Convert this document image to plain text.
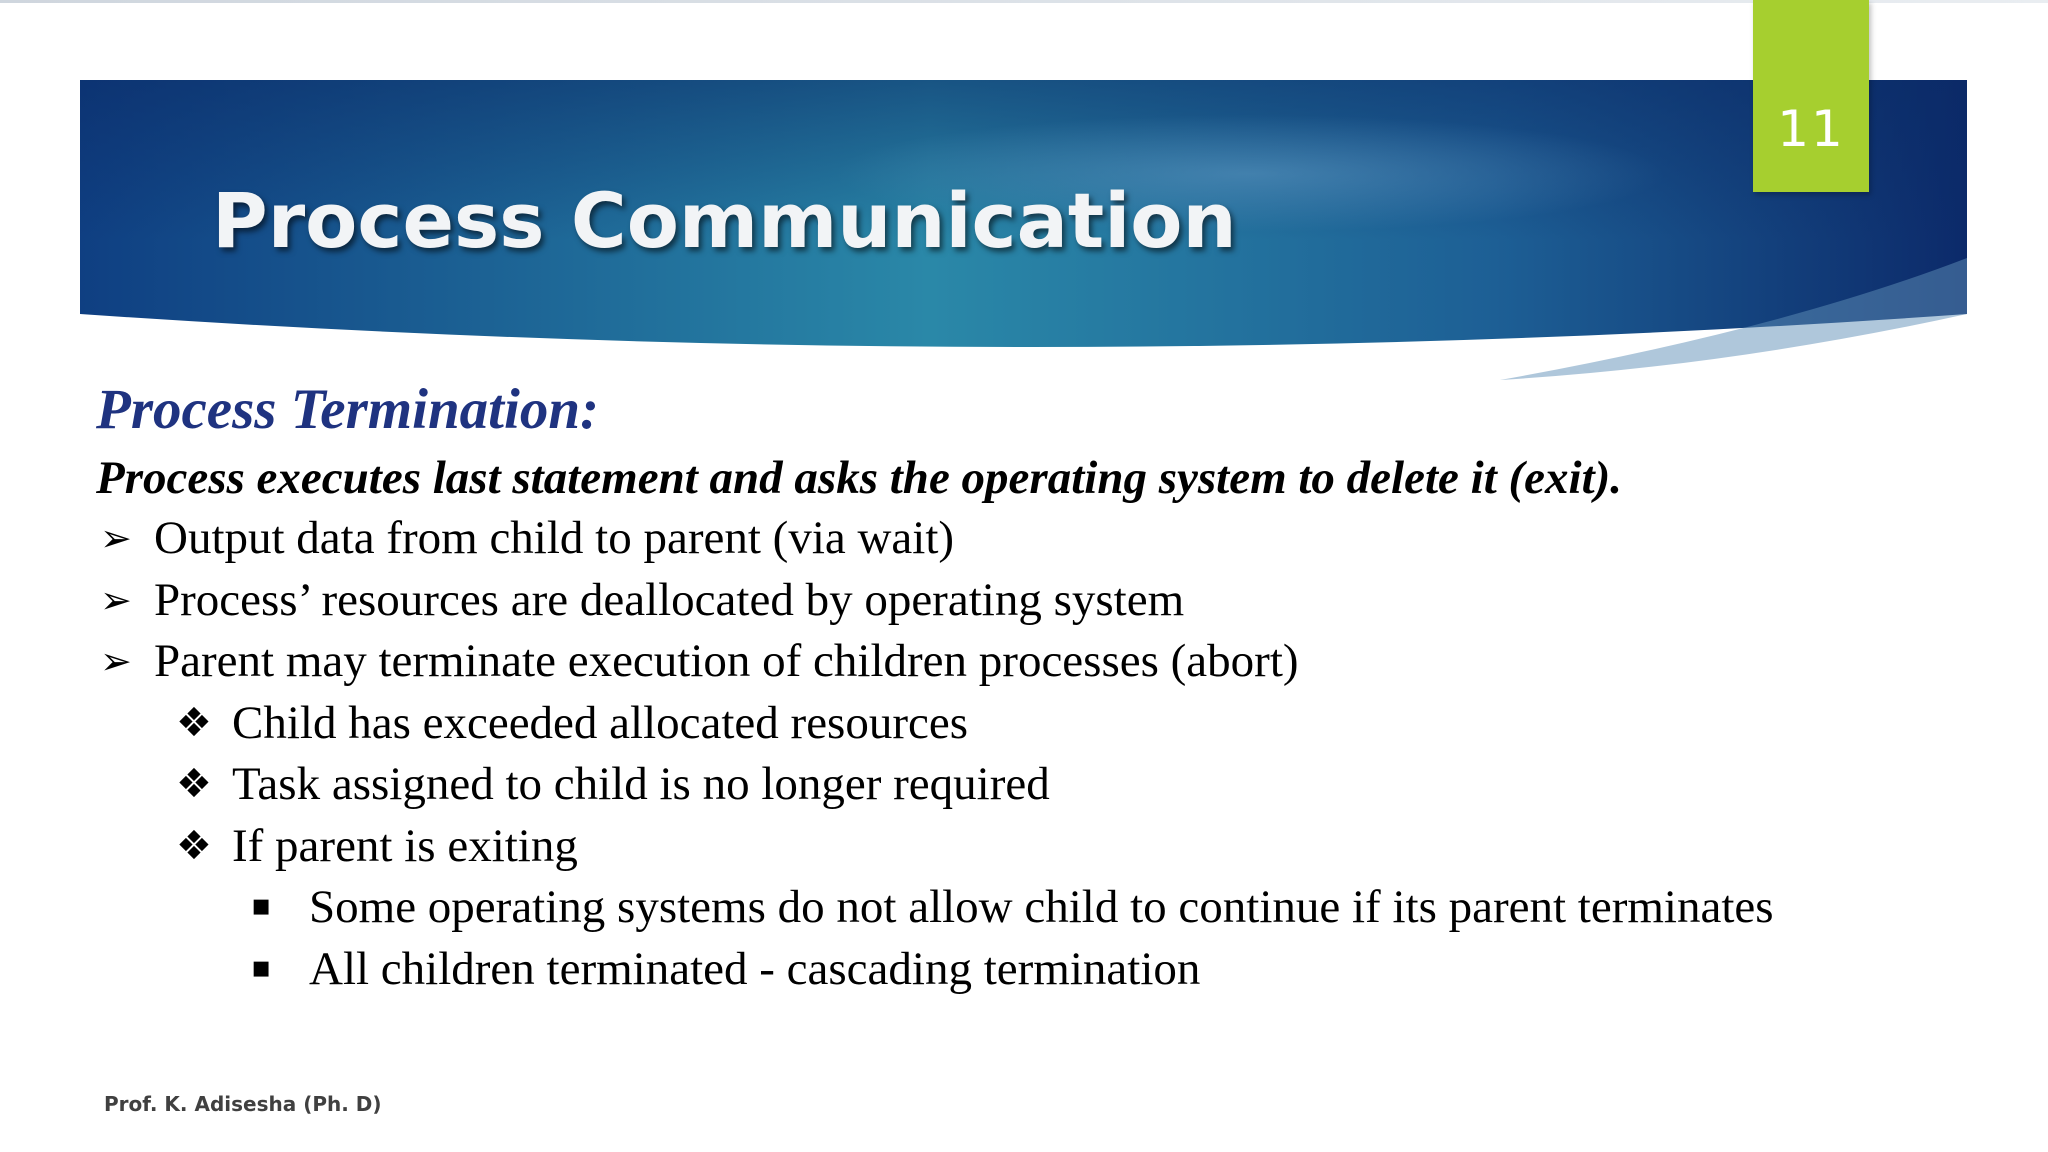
Process Communication
11

Process Termination:

Process executes last statement and asks the operating system to delete it (exit).

➢ Output data from child to parent (via wait)
➢ Process’ resources are deallocated by operating system
➢ Parent may terminate execution of children processes (abort)
❖ Child has exceeded allocated resources
❖ Task assigned to child is no longer required
❖ If parent is exiting
▪ Some operating systems do not allow child to continue if its parent terminates
▪ All children terminated - cascading termination
Prof. K. Adisesha (Ph. D)
